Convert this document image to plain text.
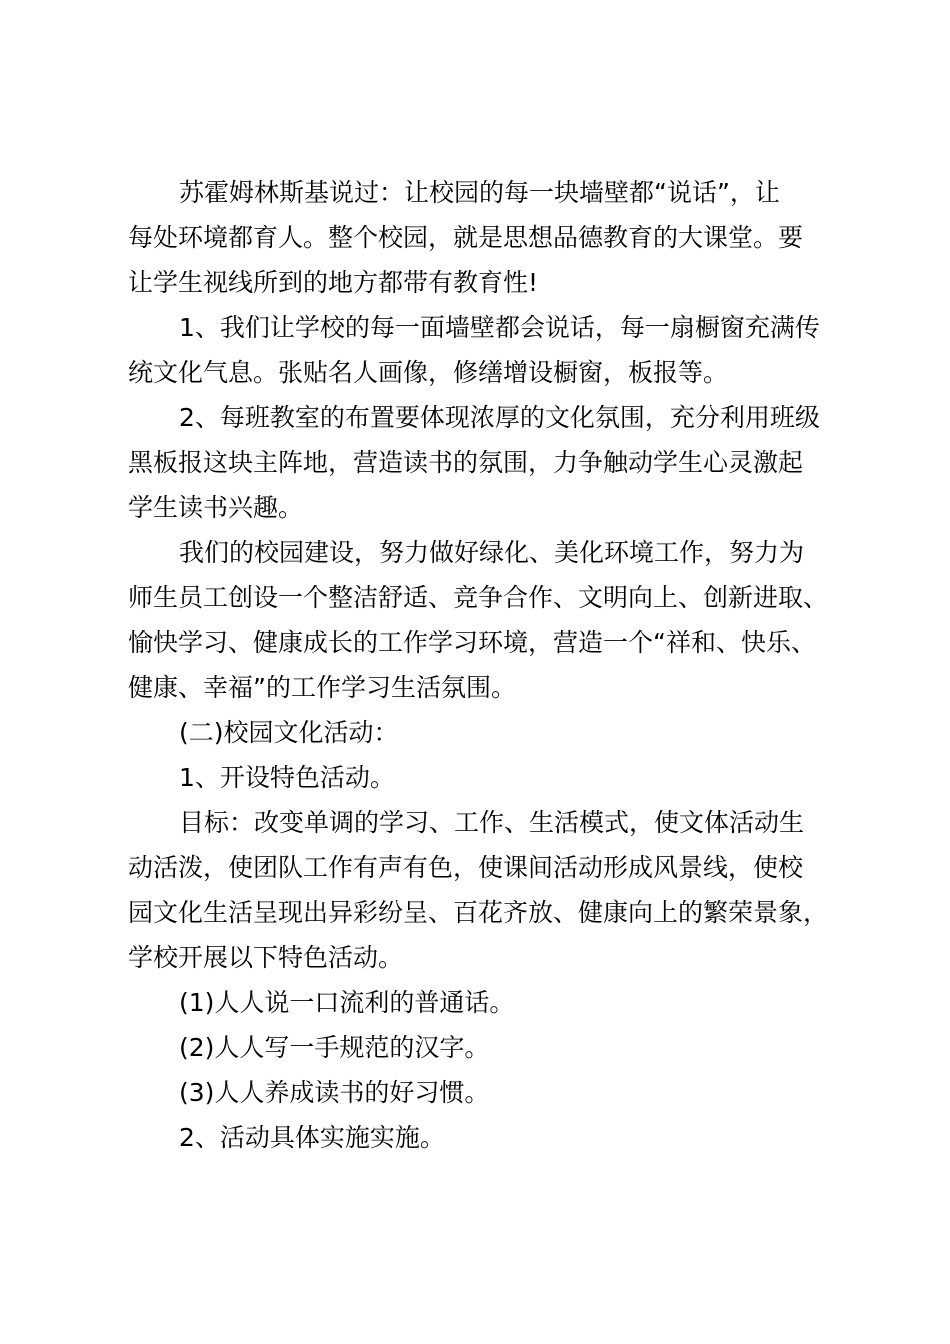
苏霍姆林斯基说过：让校园的每一块墙壁都“说话”，让
每处环境都育人。整个校园，就是思想品德教育的大课堂。要
让学生视线所到的地方都带有教育性!
1、我们让学校的每一面墙壁都会说话，每一扇橱窗充满传
统文化气息。张贴名人画像，修缮增设橱窗，板报等。
2、每班教室的布置要体现浓厚的文化氛围，充分利用班级
黑板报这块主阵地，营造读书的氛围，力争触动学生心灵激起
学生读书兴趣。
我们的校园建设，努力做好绿化、美化环境工作，努力为
师生员工创设一个整洁舒适、竞争合作、文明向上、创新进取、
愉快学习、健康成长的工作学习环境，营造一个“祥和、快乐、
健康、幸福”的工作学习生活氛围。
(二)校园文化活动：
1、开设特色活动。
目标：改变单调的学习、工作、生活模式，使文体活动生
动活泼，使团队工作有声有色，使课间活动形成风景线，使校
园文化生活呈现出异彩纷呈、百花齐放、健康向上的繁荣景象，
学校开展以下特色活动。
(1)人人说一口流利的普通话。
(2)人人写一手规范的汉字。
(3)人人养成读书的好习惯。
2、活动具体实施实施。
